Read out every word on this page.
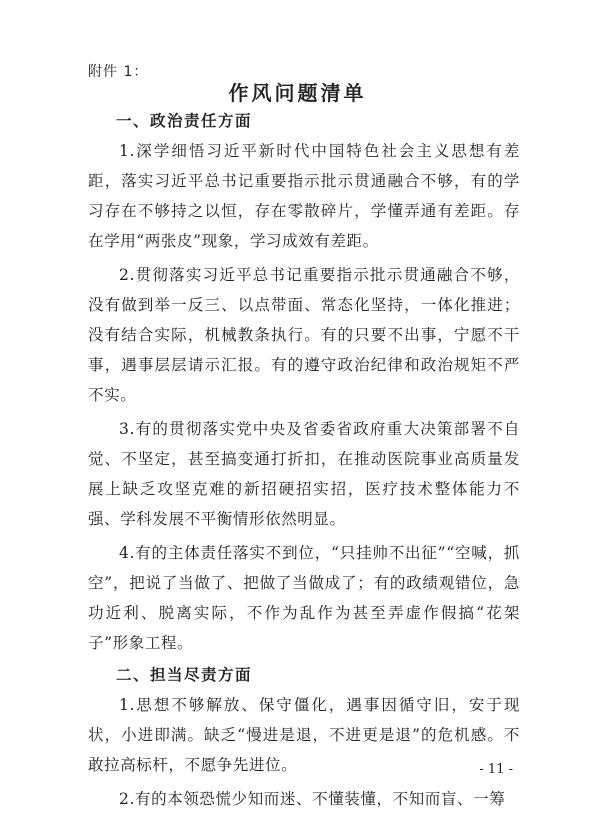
附件 1：
作风问题清单
一、政治责任方面

1.深学细悟习近平新时代中国特色社会主义思想有差距，落实习近平总书记重要指示批示贯通融合不够，有的学习存在不够持之以恒，存在零散碎片，学懂弄通有差距。存在学用“两张皮”现象，学习成效有差距。

2.贯彻落实习近平总书记重要指示批示贯通融合不够，没有做到举一反三、以点带面、常态化坚持，一体化推进；没有结合实际，机械教条执行。有的只要不出事，宁愿不干事，遇事层层请示汇报。有的遵守政治纪律和政治规矩不严不实。

3.有的贯彻落实党中央及省委省政府重大决策部署不自觉、不坚定，甚至搞变通打折扣，在推动医院事业高质量发展上缺乏攻坚克难的新招硬招实招，医疗技术整体能力不强、学科发展不平衡情形依然明显。

4.有的主体责任落实不到位，“只挂帅不出征”“空喊，抓空”，把说了当做了、把做了当做成了；有的政绩观错位，急功近利、脱离实际，不作为乱作为甚至弄虚作假搞“花架子”形象工程。

二、担当尽责方面

1.思想不够解放、保守僵化，遇事因循守旧，安于现状，小进即满。缺乏“慢进是退，不进更是退”的危机感。不敢拉高标杆，不愿争先进位。

2.有的本领恐慌少知而迷、不懂装懂，不知而盲、一筹

- 11 -
